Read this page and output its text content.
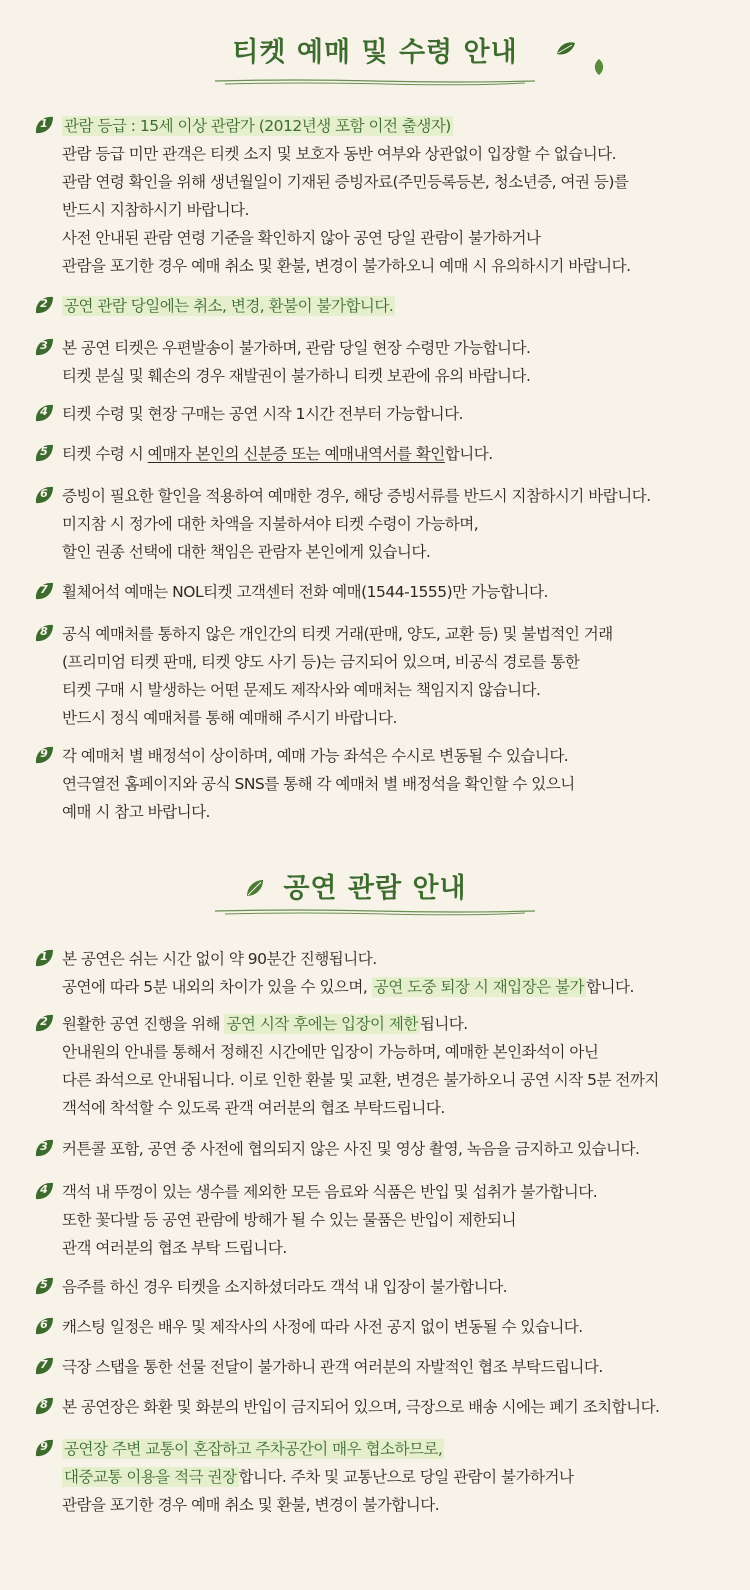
티켓 예매 및 수령 안내
1	관람 등급 : 15세 이상 관람가 (2012년생 포함 이전 출생자)
관람 등급 미만 관객은 티켓 소지 및 보호자 동반 여부와 상관없이 입장할 수 없습니다.
관람 연령 확인을 위해 생년월일이 기재된 증빙자료(주민등록등본, 청소년증, 여권 등)를
반드시 지참하시기 바랍니다.
사전 안내된 관람 연령 기준을 확인하지 않아 공연 당일 관람이 불가하거나
관람을 포기한 경우 예매 취소 및 환불, 변경이 불가하오니 예매 시 유의하시기 바랍니다.
2	공연 관람 당일에는 취소, 변경, 환불이 불가합니다.
3 본 공연 티켓은 우편발송이 불가하며, 관람 당일 현장 수령만 가능합니다.
티켓 분실 및 훼손의 경우 재발권이 불가하니 티켓 보관에 유의 바랍니다.
4 티켓 수령 및 현장 구매는 공연 시작 1시간 전부터 가능합니다.
5 티켓 수령 시 예매자 본인의 신분증 또는 예매내역서를 확인합니다.
6 증빙이 필요한 할인을 적용하여 예매한 경우, 해당 증빙서류를 반드시 지참하시기 바랍니다.
미지참 시 정가에 대한 차액을 지불하셔야 티켓 수령이 가능하며,
할인 권종 선택에 대한 책임은 관람자 본인에게 있습니다.
7 휠체어석 예매는 NOL티켓 고객센터 전화 예매(1544-1555)만 가능합니다.
8 공식 예매처를 통하지 않은 개인간의 티켓 거래(판매, 양도, 교환 등) 및 불법적인 거래
(프리미엄 티켓 판매, 티켓 양도 사기 등)는 금지되어 있으며, 비공식 경로를 통한
티켓 구매 시 발생하는 어떤 문제도 제작사와 예매처는 책임지지 않습니다.
반드시 정식 예매처를 통해 예매해 주시기 바랍니다.
9 각 예매처 별 배정석이 상이하며, 예매 가능 좌석은 수시로 변동될 수 있습니다.
연극열전 홈페이지와 공식 SNS를 통해 각 예매처 별 배정석을 확인할 수 있으니
예매 시 참고 바랍니다.
공연 관람 안내
1 본 공연은 쉬는 시간 없이 약 90분간 진행됩니다.
공연에 따라 5분 내외의 차이가 있을 수 있으며, 공연 도중 퇴장 시 재입장은 불가 합니다.
2 원활한 공연 진행을 위해 공연 시작 후에는 입장이 제한 됩니다.
안내원의 안내를 통해서 정해진 시간에만 입장이 가능하며, 예매한 본인좌석이 아닌
다른 좌석으로 안내됩니다. 이로 인한 환불 및 교환, 변경은 불가하오니 공연 시작 5분 전까지
객석에 착석할 수 있도록 관객 여러분의 협조 부탁드립니다.
3 커튼콜 포함, 공연 중 사전에 협의되지 않은 사진 및 영상 촬영, 녹음을 금지하고 있습니다.
4 객석 내 뚜껑이 있는 생수를 제외한 모든 음료와 식품은 반입 및 섭취가 불가합니다.
또한 꽃다발 등 공연 관람에 방해가 될 수 있는 물품은 반입이 제한되니
관객 여러분의 협조 부탁 드립니다.
5 음주를 하신 경우 티켓을 소지하셨더라도 객석 내 입장이 불가합니다.
6 캐스팅 일정은 배우 및 제작사의 사정에 따라 사전 공지 없이 변동될 수 있습니다.
7 극장 스탭을 통한 선물 전달이 불가하니 관객 여러분의 자발적인 협조 부탁드립니다.
8 본 공연장은 화환 및 화분의 반입이 금지되어 있으며, 극장으로 배송 시에는 폐기 조치합니다.
9	공연장 주변 교통이 혼잡하고 주차공간이 매우 협소하므로,
대중교통 이용을 적극 권장 합니다. 주차 및 교통난으로 당일 관람이 불가하거나
관람을 포기한 경우 예매 취소 및 환불, 변경이 불가합니다.
